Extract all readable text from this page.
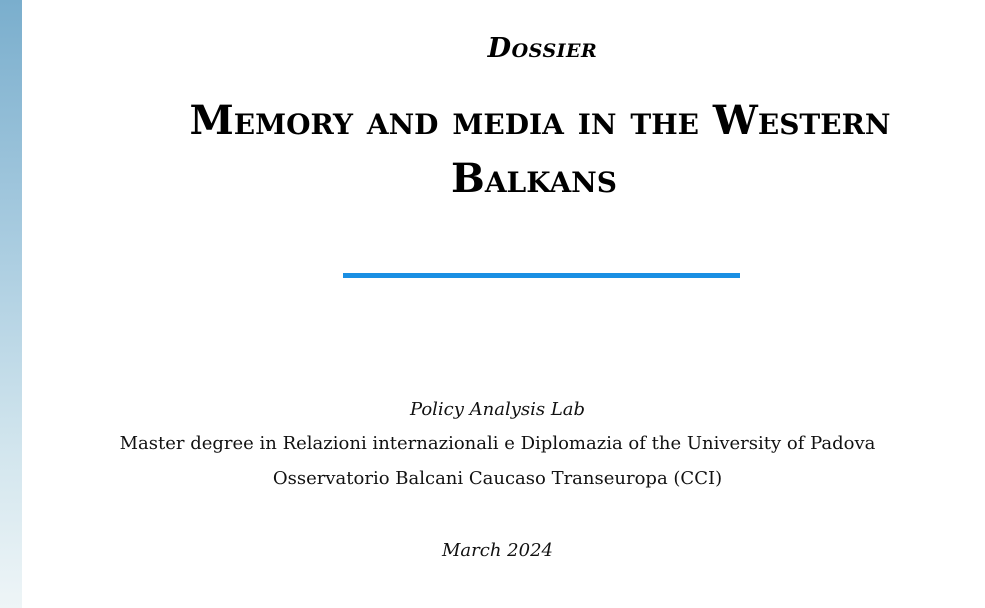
Dossier
Memory and media in the Western
Balkans
Policy Analysis Lab
Master degree in Relazioni internazionali e Diplomazia of the University of Padova
Osservatorio Balcani Caucaso Transeuropa (CCI)
March 2024
